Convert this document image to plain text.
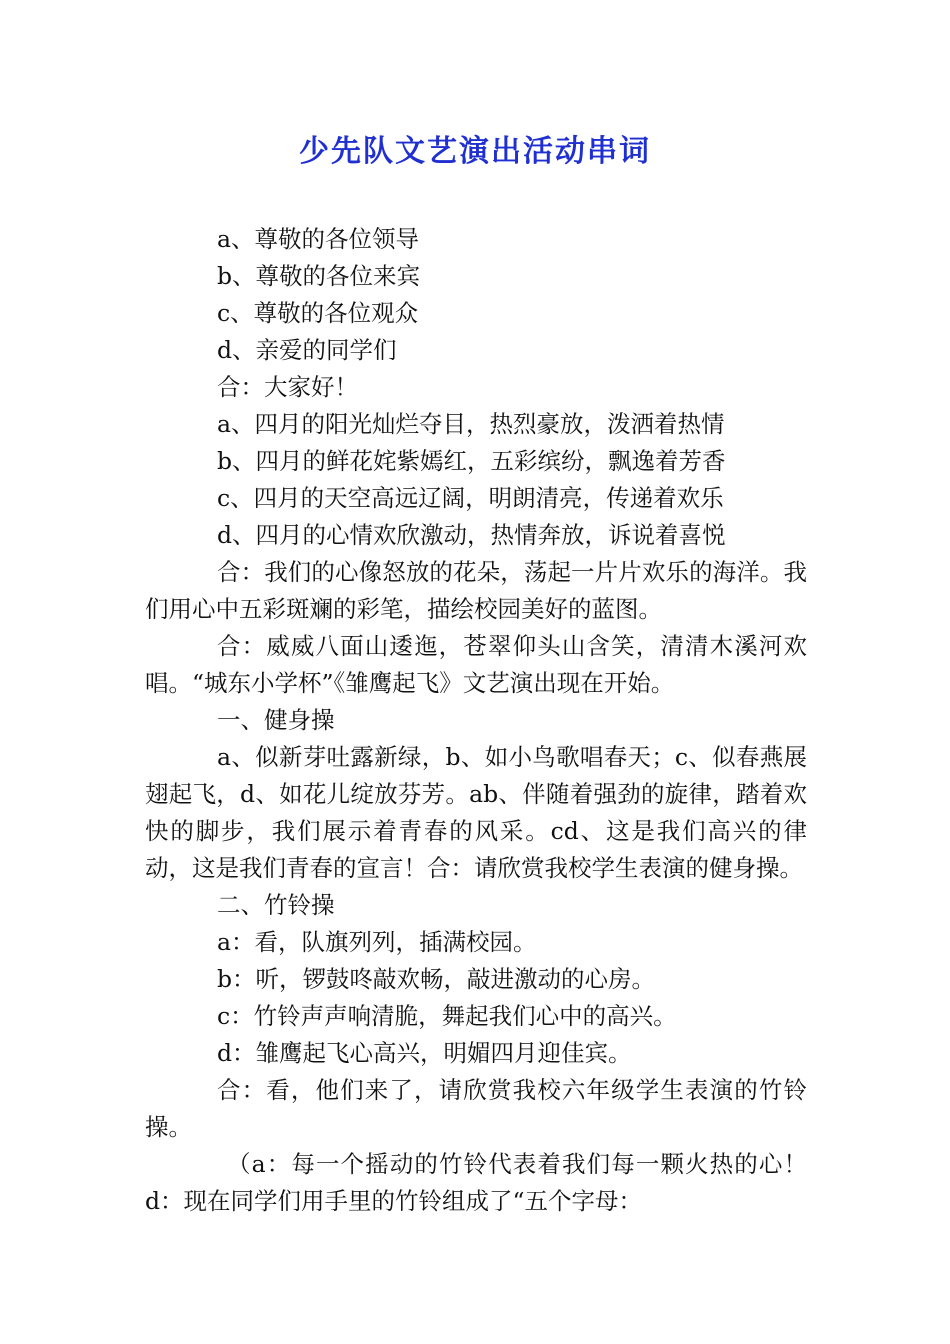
少先队文艺演出活动串词

a、尊敬的各位领导

b、尊敬的各位来宾

c、尊敬的各位观众

d、亲爱的同学们

合：大家好！

a、四月的阳光灿烂夺目，热烈豪放，泼洒着热情

b、四月的鲜花姹紫嫣红，五彩缤纷，飘逸着芳香

c、四月的天空高远辽阔，明朗清亮，传递着欢乐

d、四月的心情欢欣激动，热情奔放，诉说着喜悦

合：我们的心像怒放的花朵，荡起一片片欢乐的海洋。我们用心中五彩斑斓的彩笔，描绘校园美好的蓝图。

合：威威八面山逶迤，苍翠仰头山含笑，清清木溪河欢唱。“城东小学杯”《雏鹰起飞》文艺演出现在开始。

一、健身操

a、似新芽吐露新绿，b、如小鸟歌唱春天；c、似春燕展翅起飞，d、如花儿绽放芬芳。ab、伴随着强劲的旋律，踏着欢快的脚步，我们展示着青春的风采。cd、这是我们高兴的律动，这是我们青春的宣言！合：请欣赏我校学生表演的健身操。

二、竹铃操

a：看，队旗列列，插满校园。

b：听，锣鼓咚敲欢畅，敲进激动的心房。

c：竹铃声声响清脆，舞起我们心中的高兴。

d：雏鹰起飞心高兴，明媚四月迎佳宾。

合：看，他们来了，请欣赏我校六年级学生表演的竹铃操。

（a：每一个摇动的竹铃代表着我们每一颗火热的心！d：现在同学们用手里的竹铃组成了“五个字母：
